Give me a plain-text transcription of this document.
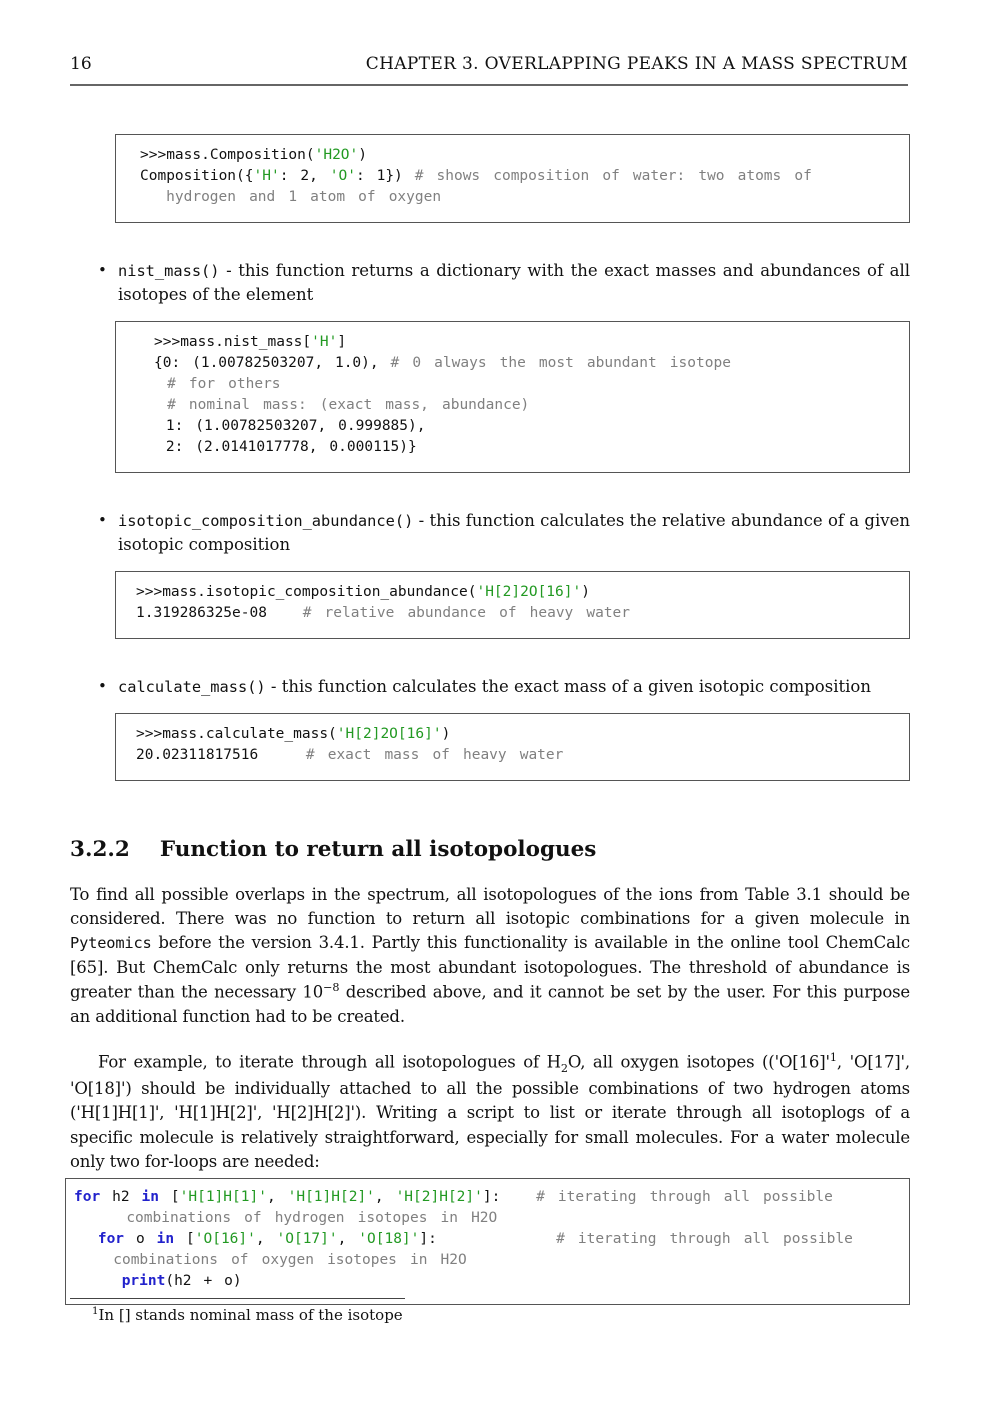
16	CHAPTER 3. OVERLAPPING PEAKS IN A MASS SPECTRUM
>>>mass.Composition('H2O')
Composition({'H': 2, 'O': 1}) # shows composition of water: two atoms of
hydrogen and 1 atom of oxygen
• nist_mass() - this function returns a dictionary with the exact masses and abundances of all isotopes of the element
>>>mass.nist_mass['H']
{0: (1.00782503207, 1.0), # 0 always the most abundant isotope
# for others
# nominal mass: (exact mass, abundance)
1: (1.00782503207, 0.999885),
2: (2.0141017778, 0.000115)}
• isotopic_composition_abundance() - this function calculates the relative abundance of a given isotopic composition
>>>mass.isotopic_composition_abundance('H[2]2O[16]')
1.319286325e-08   # relative abundance of heavy water
• calculate_mass() - this function calculates the exact mass of a given isotopic composition
>>>mass.calculate_mass('H[2]2O[16]')
20.02311817516    # exact mass of heavy water
3.2.2 Function to return all isotopologues

To find all possible overlaps in the spectrum, all isotopologues of the ions from Table 3.1 should be considered. There was no function to return all isotopic combinations for a given molecule in Pyteomics before the version 3.4.1. Partly this functionality is available in the online tool ChemCalc [65]. But ChemCalc only returns the most abundant isotopologues. The threshold of abundance is greater than the necessary $10^{-8}$ described above, and it cannot be set by the user. For this purpose an additional function had to be created.

For example, to iterate through all isotopologues of $H_2O$, all oxygen isotopes (('$O[16]'^1$, 'O[17]', 'O[18]') should be individually attached to all the possible combinations of two hydrogen atoms ('H[1]H[1]', 'H[1]H[2]', 'H[2]H[2]'). Writing a script to list or iterate through all isotoplogs of a specific molecule is relatively straightforward, especially for small molecules. For a water molecule only two for-loops are needed:

for h2 in ['H[1]H[1]', 'H[1]H[2]', 'H[2]H[2]']:   # iterating through all possible
combinations of hydrogen isotopes in H2O
for o in ['O[16]', 'O[17]', 'O[18]']:          # iterating through all possible
combinations of oxygen isotopes in H2O
print(h2 + o)
$^1$In [] stands nominal mass of the isotope
